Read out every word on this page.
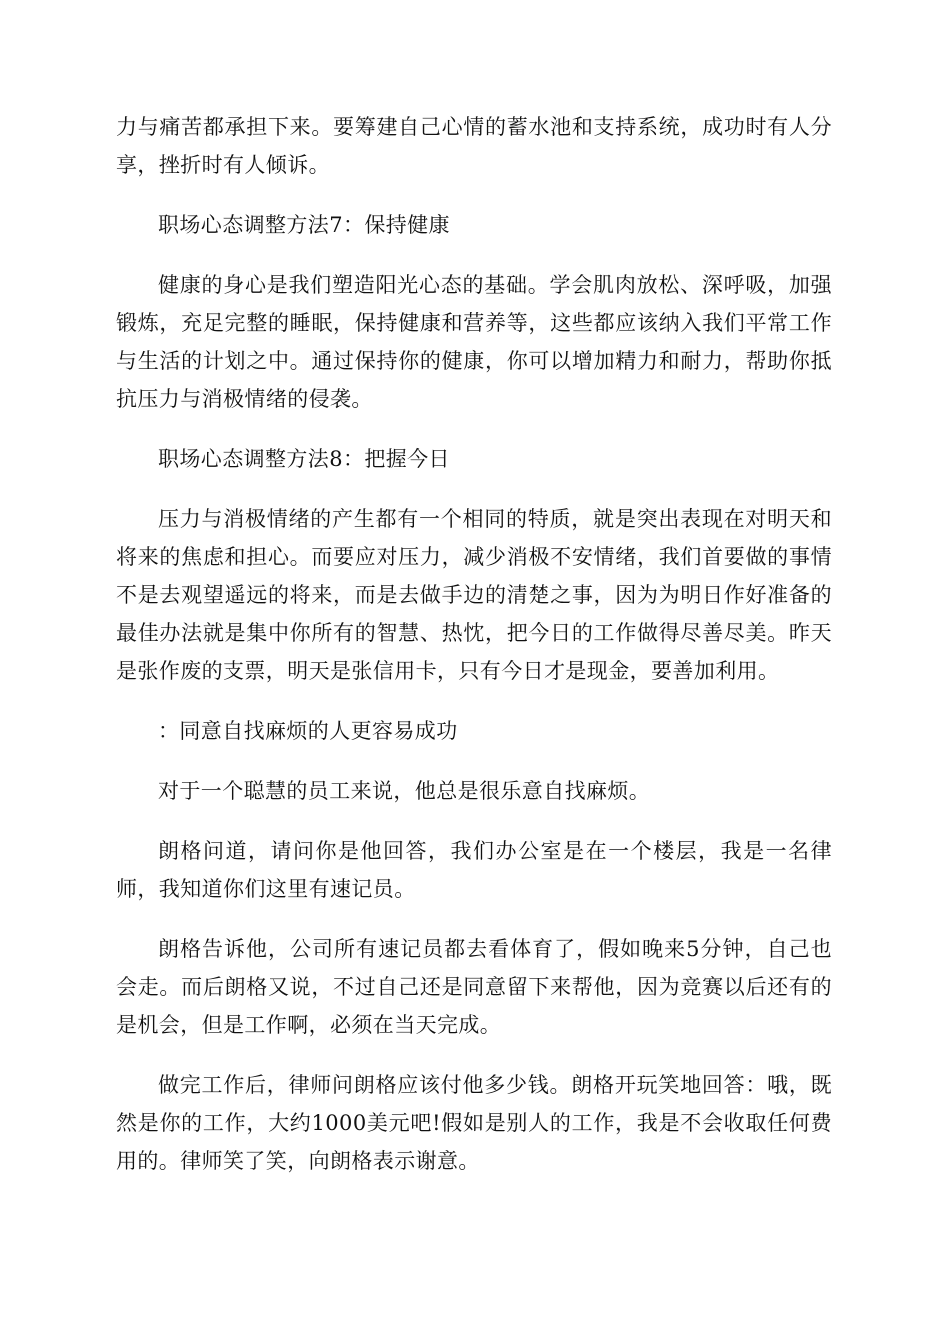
力与痛苦都承担下来。要筹建自己心情的蓄水池和支持系统，成功时有人分享，挫折时有人倾诉。

职场心态调整方法7：保持健康

健康的身心是我们塑造阳光心态的基础。学会肌肉放松、深呼吸，加强锻炼，充足完整的睡眠，保持健康和营养等，这些都应该纳入我们平常工作与生活的计划之中。通过保持你的健康，你可以增加精力和耐力，帮助你抵抗压力与消极情绪的侵袭。

职场心态调整方法8：把握今日

压力与消极情绪的产生都有一个相同的特质，就是突出表现在对明天和将来的焦虑和担心。而要应对压力，减少消极不安情绪，我们首要做的事情不是去观望遥远的将来，而是去做手边的清楚之事，因为为明日作好准备的最佳办法就是集中你所有的智慧、热忱，把今日的工作做得尽善尽美。昨天是张作废的支票，明天是张信用卡，只有今日才是现金，要善加利用。

：同意自找麻烦的人更容易成功

对于一个聪慧的员工来说，他总是很乐意自找麻烦。

朗格问道，请问你是他回答，我们办公室是在一个楼层，我是一名律师，我知道你们这里有速记员。

朗格告诉他，公司所有速记员都去看体育了，假如晚来5分钟，自己也会走。而后朗格又说，不过自己还是同意留下来帮他，因为竞赛以后还有的是机会，但是工作啊，必须在当天完成。

做完工作后，律师问朗格应该付他多少钱。朗格开玩笑地回答：哦，既然是你的工作，大约1000美元吧!假如是别人的工作，我是不会收取任何费用的。律师笑了笑，向朗格表示谢意。
